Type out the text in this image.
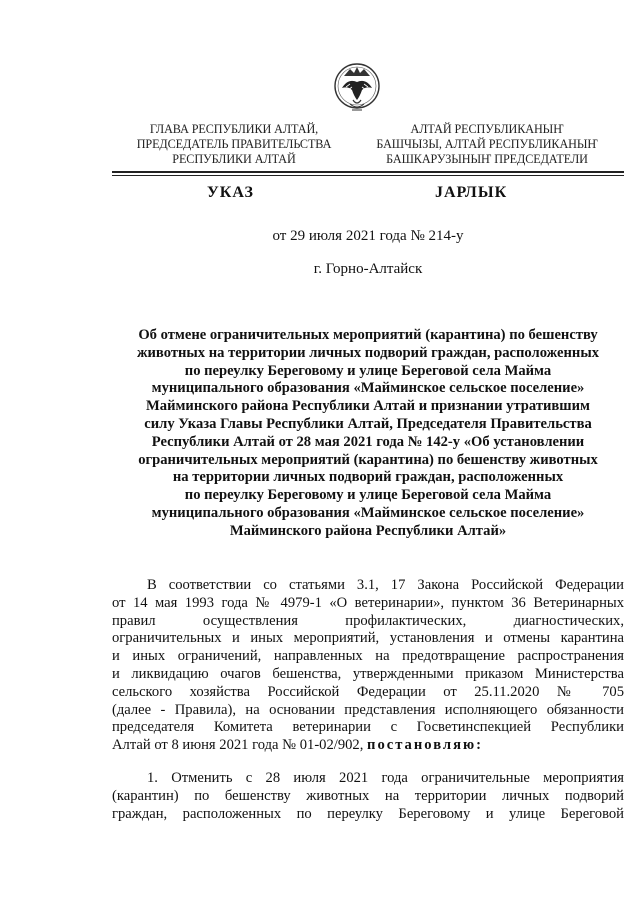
ГЛАВА РЕСПУБЛИКИ АЛТАЙ,
ПРЕДСЕДАТЕЛЬ ПРАВИТЕЛЬСТВА
РЕСПУБЛИКИ АЛТАЙ
АЛТАЙ РЕСПУБЛИКАНЫҤ
БАШЧЫЗЫ, АЛТАЙ РЕСПУБЛИКАНЫҤ
БАШКАРУЗЫНЫҤ ПРЕДСЕДАТЕЛИ
УКАЗ	ЈАРЛЫК
от 29 июля 2021 года № 214-у
г. Горно-Алтайск
Об отмене ограничительных мероприятий (карантина) по бешенству
животных на территории личных подворий граждан, расположенных
по переулку Береговому и улице Береговой села Майма
муниципального образования «Майминское сельское поселение»
Майминского района Республики Алтай и признании утратившим
силу Указа Главы Республики Алтай, Председателя Правительства
Республики Алтай от 28 мая 2021 года № 142-у «Об установлении
ограничительных мероприятий (карантина) по бешенству животных
на территории личных подворий граждан, расположенных
по переулку Береговому и улице Береговой села Майма
муниципального образования «Майминское сельское поселение»
Майминского района Республики Алтай»
В соответствии со статьями 3.1, 17 Закона Российской Федерации
от 14 мая 1993 года № 4979-1 «О ветеринарии», пунктом 36 Ветеринарных
правил осуществления профилактических, диагностических,
ограничительных и иных мероприятий, установления и отмены карантина
и иных ограничений, направленных на предотвращение распространения
и ликвидацию очагов бешенства, утвержденными приказом Министерства
сельского хозяйства Российской Федерации от 25.11.2020 № 705
(далее - Правила), на основании представления исполняющего обязанности
председателя Комитета ветеринарии с Госветинспекцией Республики
Алтай от 8 июня 2021 года № 01-02/902, постановляю:
1. Отменить с 28 июля 2021 года ограничительные мероприятия
(карантин) по бешенству животных на территории личных подворий
граждан, расположенных по переулку Береговому и улице Береговой
